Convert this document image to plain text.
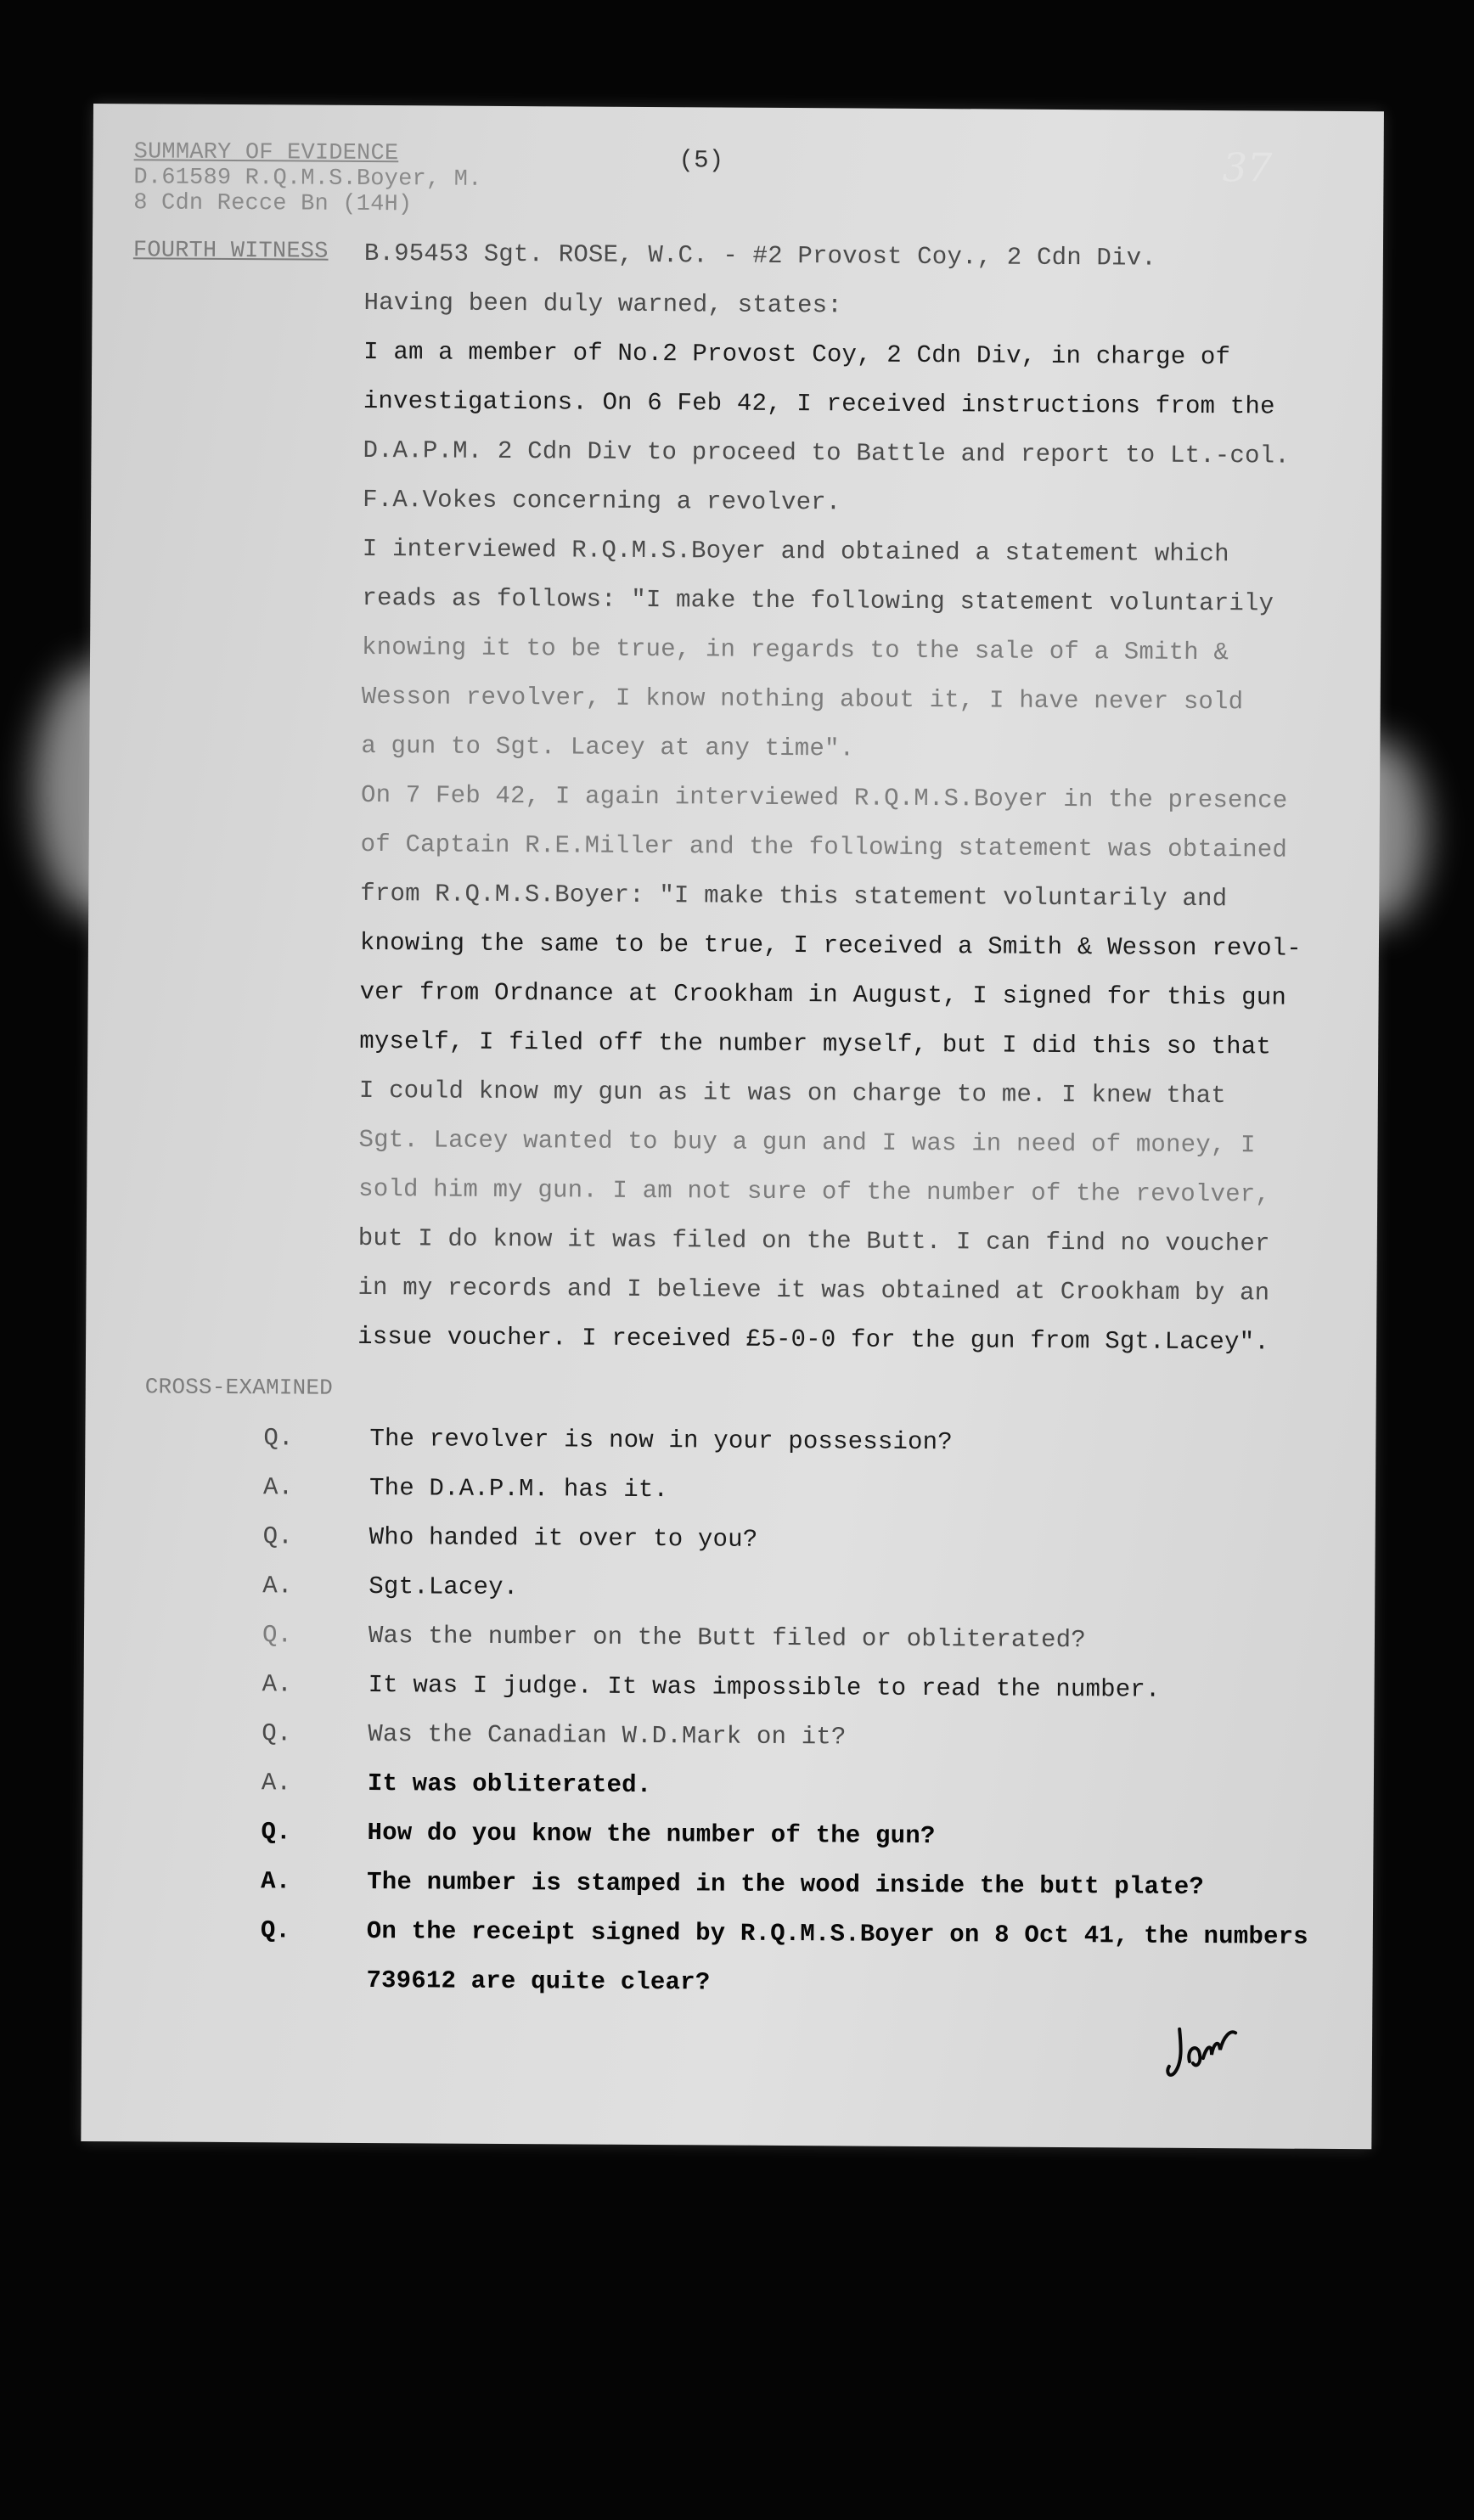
SUMMARY OF EVIDENCE
D.61589 R.Q.M.S.Boyer, M.
8 Cdn Recce Bn (14H)
(5)	37
FOURTH WITNESS B.95453 Sgt. ROSE, W.C. - #2 Provost Coy., 2 Cdn Div.
Having been duly warned, states:
I am a member of No.2 Provost Coy, 2 Cdn Div, in charge of
investigations. On 6 Feb 42, I received instructions from the
D.A.P.M. 2 Cdn Div to proceed to Battle and report to Lt.-col.
F.A.Vokes concerning a revolver.
I interviewed R.Q.M.S.Boyer and obtained a statement which
reads as follows: "I make the following statement voluntarily
knowing it to be true, in regards to the sale of a Smith &
Wesson revolver, I know nothing about it, I have never sold
a gun to Sgt. Lacey at any time".
On 7 Feb 42, I again interviewed R.Q.M.S.Boyer in the presence
of Captain R.E.Miller and the following statement was obtained
from R.Q.M.S.Boyer: "I make this statement voluntarily and
knowing the same to be true, I received a Smith & Wesson revol-
ver from Ordnance at Crookham in August, I signed for this gun
myself, I filed off the number myself, but I did this so that
I could know my gun as it was on charge to me. I knew that
Sgt. Lacey wanted to buy a gun and I was in need of money, I
sold him my gun. I am not sure of the number of the revolver,
but I do know it was filed on the Butt. I can find no voucher
in my records and I believe it was obtained at Crookham by an
issue voucher. I received £5-0-0 for the gun from Sgt.Lacey".
CROSS-EXAMINED
Q.	The revolver is now in your possession?
A.	The D.A.P.M. has it.
Q.	Who handed it over to you?
A.	Sgt.Lacey.
Q.	Was the number on the Butt filed or obliterated?
A.	It was I judge. It was impossible to read the number.
Q.	Was the Canadian W.D.Mark on it?
A.	It was obliterated.
Q.	How do you know the number of the gun?
A.	The number is stamped in the wood inside the butt plate?
Q.	On the receipt signed by R.Q.M.S.Boyer on 8 Oct 41, the numbers
739612 are quite clear?
